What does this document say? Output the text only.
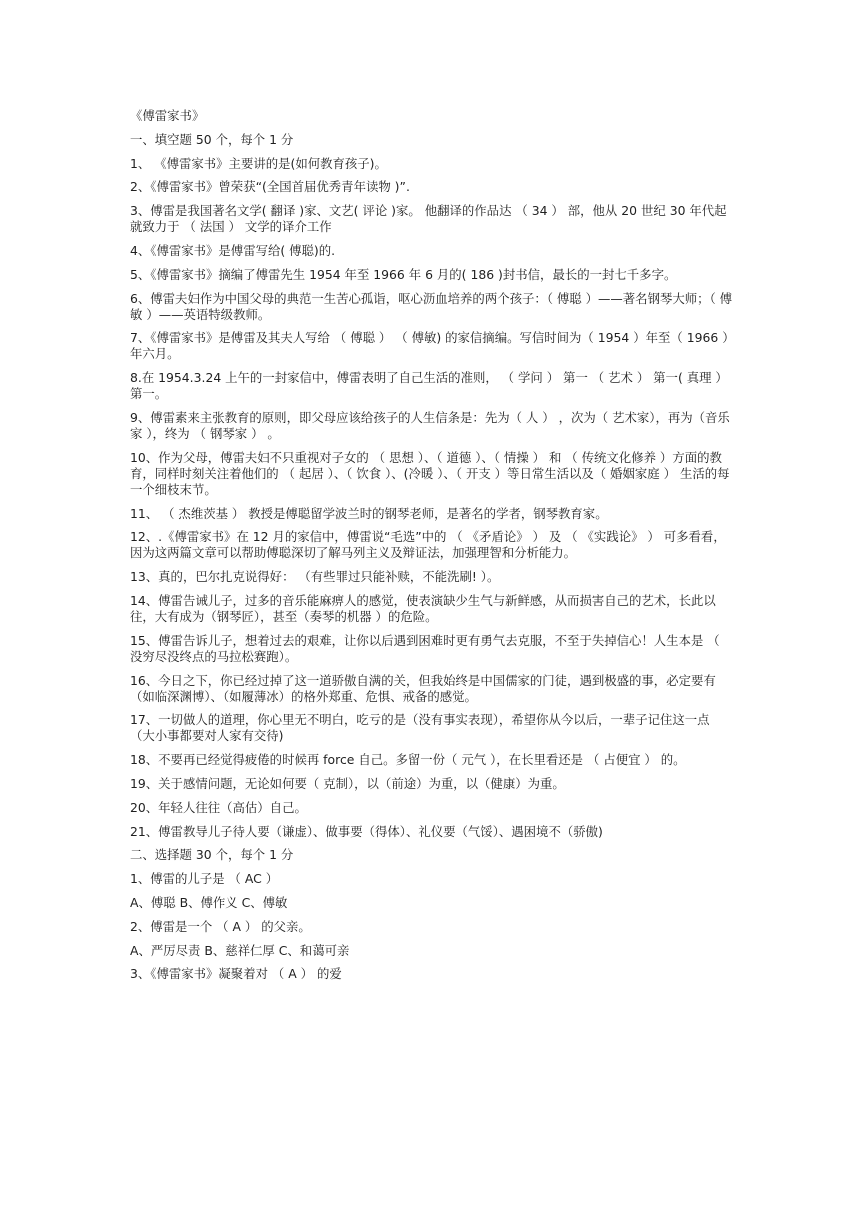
《傅雷家书》
一、填空题 50 个，每个 1 分
1、 《傅雷家书》主要讲的是(如何教育孩子)。
2、《傅雷家书》曾荣获“(全国首届优秀青年读物 )”.
3、傅雷是我国著名文学( 翻译 )家、文艺( 评论 )家。 他翻译的作品达 （ 34 ） 部，他从 20 世纪 30 年代起就致力于 （ 法国 ） 文学的译介工作
4、《傅雷家书》是傅雷写给( 傅聪)的.
5、《傅雷家书》摘编了傅雷先生 1954 年至 1966 年 6 月的( 186 )封书信，最长的一封七千多字。
6、傅雷夫妇作为中国父母的典范一生苦心孤诣，呕心沥血培养的两个孩子：（ 傅聪 ）——著名钢琴大师；（ 傅敏 ）——英语特级教师。
7、《傅雷家书》是傅雷及其夫人写给 （ 傅聪 ） （ 傅敏) 的家信摘编。写信时间为（ 1954 ）年至（ 1966 ）年六月。
8.在 1954.3.24 上午的一封家信中，傅雷表明了自己生活的准则， （ 学问 ） 第一 （ 艺术 ） 第一( 真理 ）第一。
9、傅雷素来主张教育的原则，即父母应该给孩子的人生信条是：先为（ 人 ） ，次为（ 艺术家），再为（音乐家 ），终为 （ 钢琴家 ） 。
10、作为父母，傅雷夫妇不只重视对子女的 （ 思想 ）、（ 道德 ）、（ 情操 ） 和 （ 传统文化修养 ）方面的教育，同样时刻关注着他们的 （ 起居 ）、（ 饮食 ）、(冷暖 ）、（ 开支 ）等日常生活以及（ 婚姻家庭 ） 生活的每一个细枝末节。
11、 （ 杰维茨基 ） 教授是傅聪留学波兰时的钢琴老师，是著名的学者，钢琴教育家。
12、.《傅雷家书》在 12 月的家信中，傅雷说“毛选”中的 （ 《矛盾论》 ） 及 （ 《实践论》 ） 可多看看，因为这两篇文章可以帮助傅聪深切了解马列主义及辩证法，加强理智和分析能力。
13、真的，巴尔扎克说得好： （有些罪过只能补赎，不能洗刷! ）。
14、傅雷告诫儿子，过多的音乐能麻痹人的感觉，使表演缺少生气与新鲜感，从而损害自己的艺术，长此以往，大有成为（钢琴匠），甚至（奏琴的机器 ）的危险。
15、傅雷告诉儿子，想着过去的艰难，让你以后遇到困难时更有勇气去克服，不至于失掉信心！人生本是 （ 没穷尽没终点的马拉松赛跑）。
16、今日之下，你已经过掉了这一道骄傲自满的关，但我始终是中国儒家的门徒，遇到极盛的事，必定要有（如临深渊博）、（如履薄冰）的格外郑重、危惧、戒备的感觉。
17、一切做人的道理，你心里无不明白，吃亏的是（没有事实表现），希望你从今以后，一辈子记住这一点（大小事都要对人家有交待)
18、不要再已经觉得疲倦的时候再 force 自己。多留一份（ 元气 ），在长里看还是 （ 占便宜 ） 的。
19、关于感情问题，无论如何要（ 克制），以（前途）为重，以（健康）为重。
20、年轻人往往（高估）自己。
21、傅雷教导儿子待人要（谦虚）、做事要（得体）、礼仪要（气馁）、遇困境不（骄傲)
二、选择题 30 个，每个 1 分
1、傅雷的儿子是 （ AC ）
A、傅聪 B、傅作义 C、傅敏
2、傅雷是一个 （ A ） 的父亲。
A、严厉尽责 B、慈祥仁厚 C、和蔼可亲
3、《傅雷家书》凝聚着对 （ A ） 的爱
